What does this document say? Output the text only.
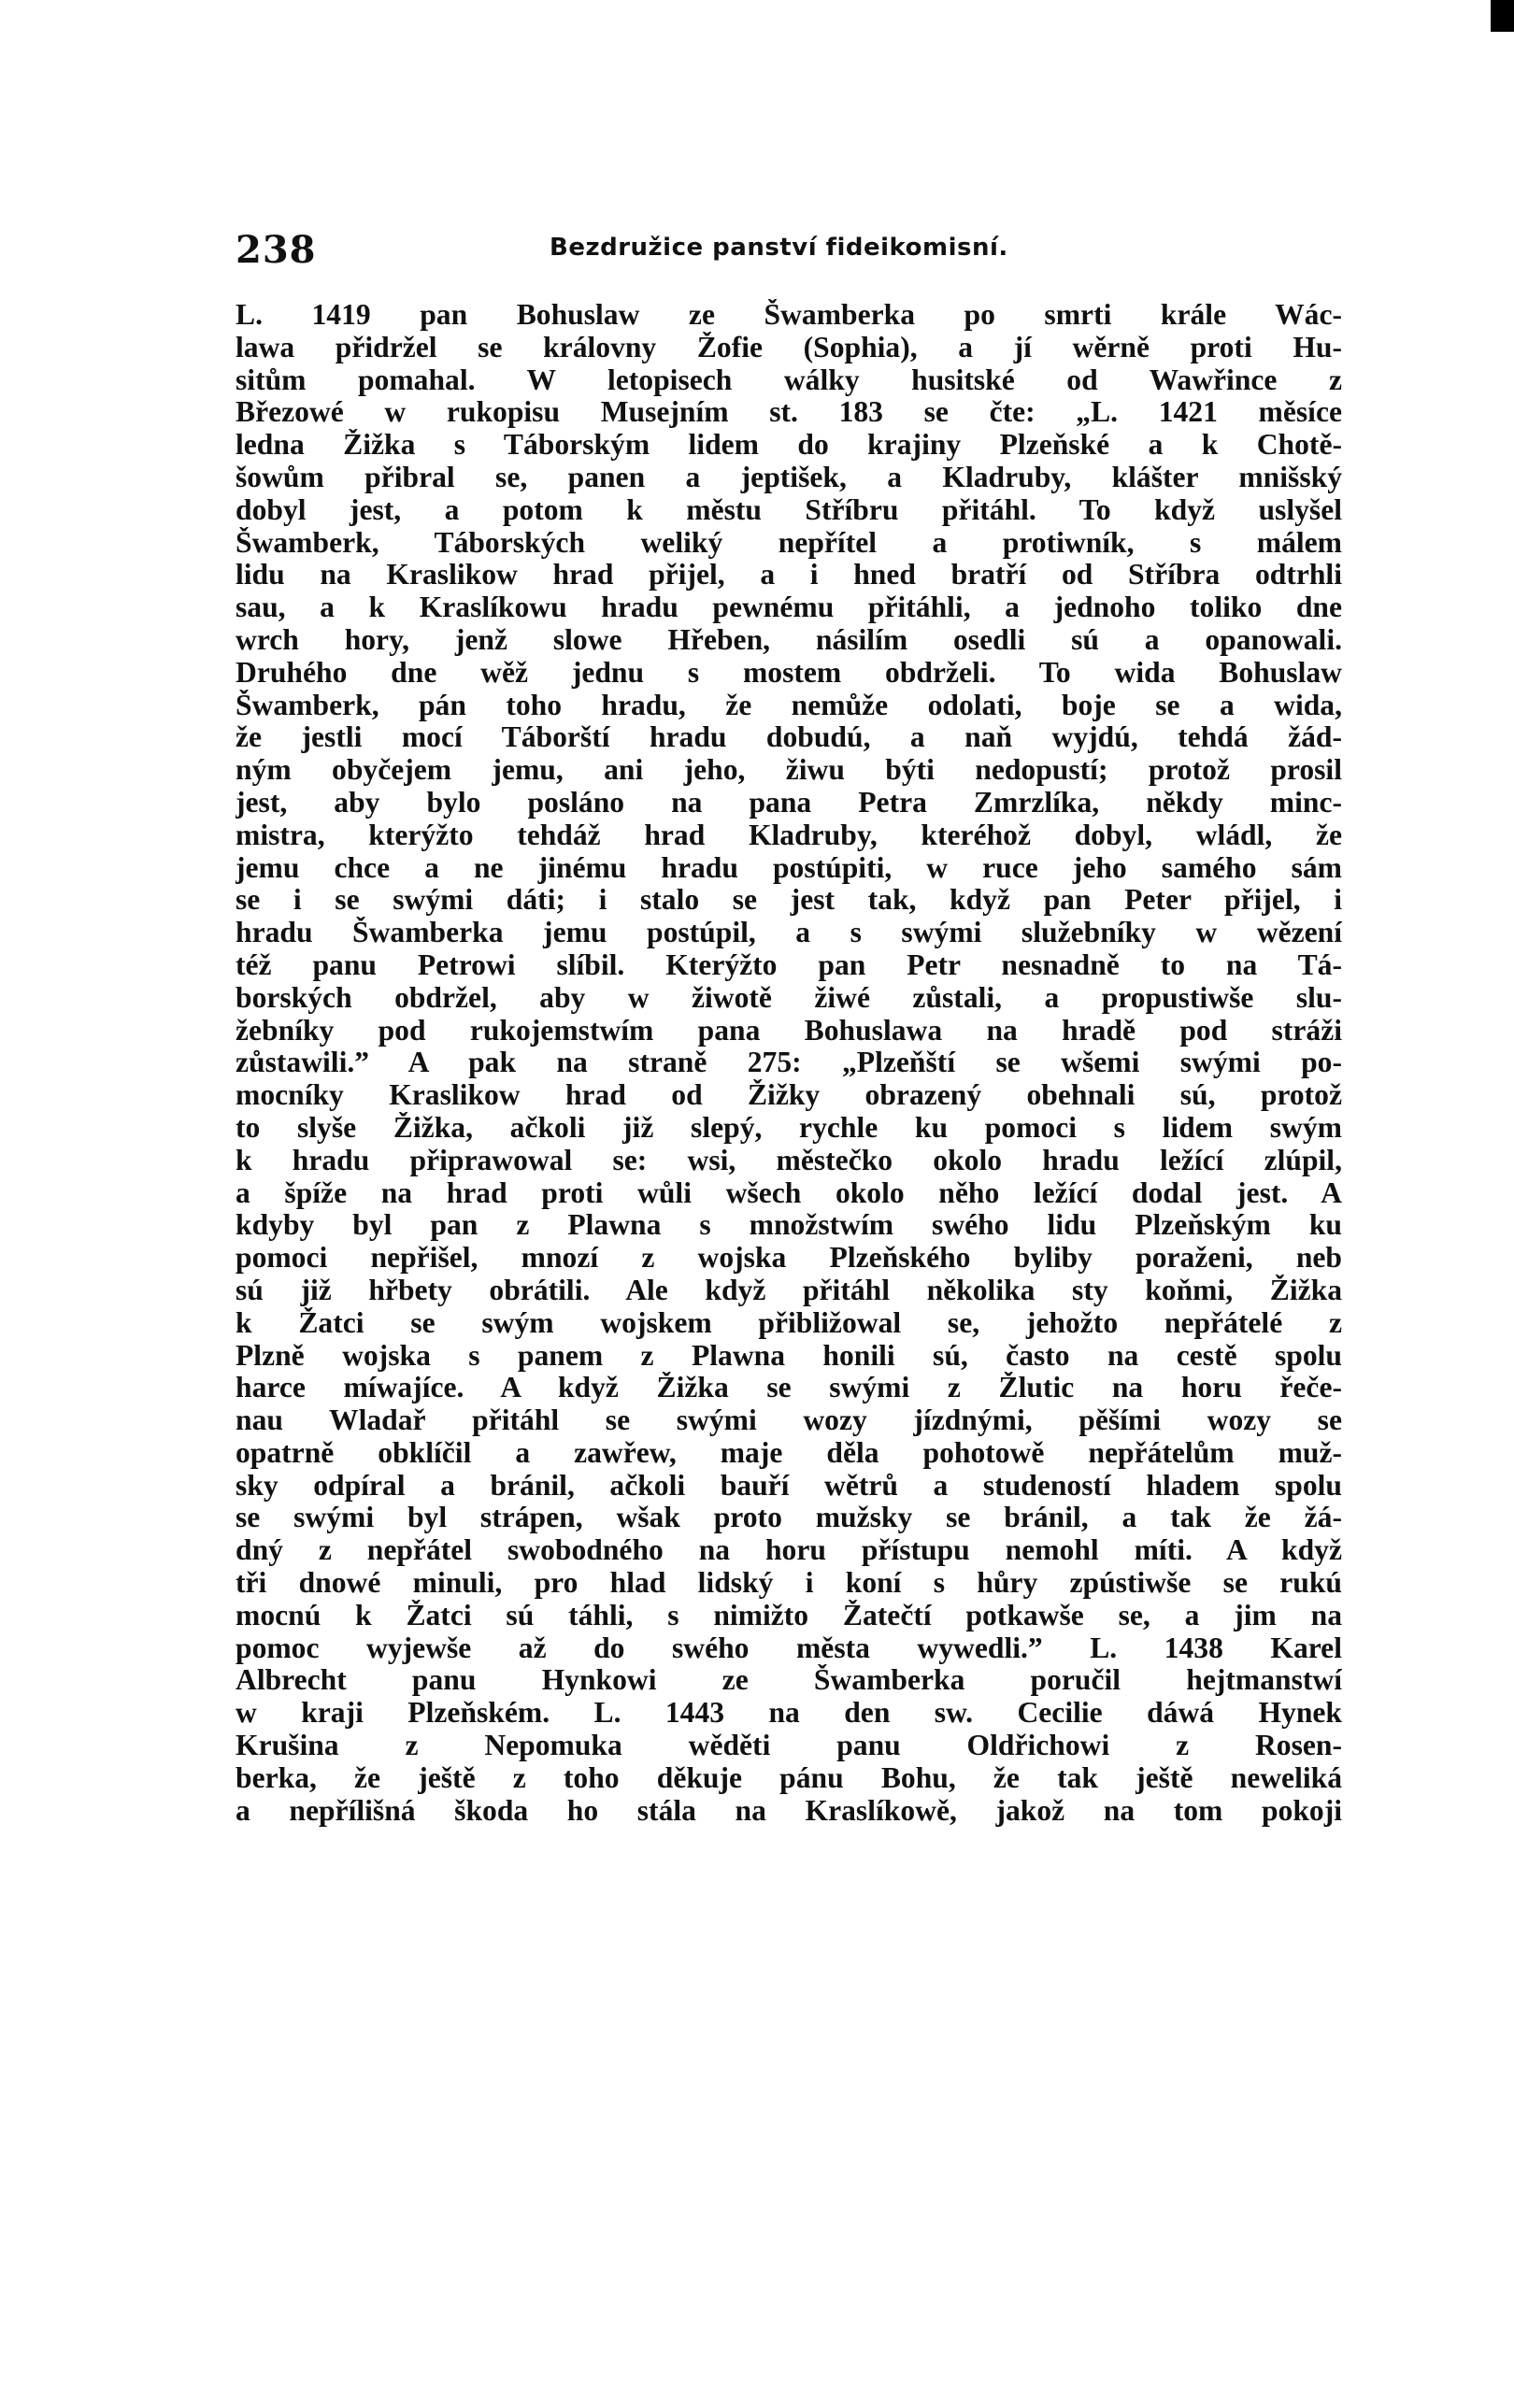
238	Bezdružice panství fideikomisní.
L. 1419 pan Bohuslaw ze Šwamberka po smrti krále Wác-
lawa přidržel se královny Žofie (Sophia), a jí wěrně proti Hu-
sitům pomahal. W letopisech wálky husitské od Wawřince z
Březowé w rukopisu Musejním st. 183 se čte: „L. 1421 měsíce
ledna Žižka s Táborským lidem do krajiny Plzeňské a k Chotě-
šowům přibral se, panen a jeptišek, a Kladruby, klášter mnišský
dobyl jest, a potom k městu Stříbru přitáhl. To když uslyšel
Šwamberk, Táborských weliký nepřítel a protiwník, s málem
lidu na Kraslikow hrad přijel, a i hned bratří od Stříbra odtrhli
sau, a k Kraslíkowu hradu pewnému přitáhli, a jednoho toliko dne
wrch hory, jenž slowe Hřeben, násilím osedli sú a opanowali.
Druhého dne wěž jednu s mostem obdrželi. To wida Bohuslaw
Šwamberk, pán toho hradu, že nemůže odolati, boje se a wida,
že jestli mocí Táborští hradu dobudú, a naň wyjdú, tehdá žád-
ným obyčejem jemu, ani jeho, žiwu býti nedopustí; protož prosil
jest, aby bylo posláno na pana Petra Zmrzlíka, někdy minc-
mistra, kterýžto tehdáž hrad Kladruby, kteréhož dobyl, wládl, že
jemu chce a ne jinému hradu postúpiti, w ruce jeho samého sám
se i se swými dáti; i stalo se jest tak, když pan Peter přijel, i
hradu Šwamberka jemu postúpil, a s swými služebníky w wězení
též panu Petrowi slíbil. Kterýžto pan Petr nesnadně to na Tá-
borských obdržel, aby w žiwotě žiwé zůstali, a propustiwše slu-
žebníky pod rukojemstwím pana Bohuslawa na hradě pod stráži
zůstawili.” A pak na straně 275: „Plzeňští se wšemi swými po-
mocníky Kraslikow hrad od Žižky obrazený obehnali sú, protož
to slyše Žižka, ačkoli již slepý, rychle ku pomoci s lidem swým
k hradu připrawowal se: wsi, městečko okolo hradu ležící zlúpil,
a špíže na hrad proti wůli wšech okolo něho ležící dodal jest. A
kdyby byl pan z Plawna s množstwím swého lidu Plzeňským ku
pomoci nepřišel, mnozí z wojska Plzeňského byliby poraženi, neb
sú již hřbety obrátili. Ale když přitáhl několika sty koňmi, Žižka
k Žatci se swým wojskem přibližowal se, jehožto nepřátelé z
Plzně wojska s panem z Plawna honili sú, často na cestě spolu
harce míwajíce. A když Žižka se swými z Žlutic na horu řeče-
nau Wladař přitáhl se swými wozy jízdnými, pěšími wozy se
opatrně obklíčil a zawřew, maje děla pohotowě nepřátelům muž-
sky odpíral a bránil, ačkoli bauří wětrů a studeností hladem spolu
se swými byl strápen, wšak proto mužsky se bránil, a tak že žá-
dný z nepřátel swobodného na horu přístupu nemohl míti. A když
tři dnowé minuli, pro hlad lidský i koní s hůry zpústiwše se rukú
mocnú k Žatci sú táhli, s nimižto Žatečtí potkawše se, a jim na
pomoc wyjewše až do swého města wywedli.” L. 1438 Karel
Albrecht panu Hynkowi ze Šwamberka poručil hejtmanstwí
w kraji Plzeňském. L. 1443 na den sw. Cecilie dáwá Hynek
Krušina z Nepomuka wěděti panu Oldřichowi z Rosen-
berka, že ještě z toho děkuje pánu Bohu, že tak ještě neweliká
a nepřílišná škoda ho stála na Kraslíkowě, jakož na tom pokoji
